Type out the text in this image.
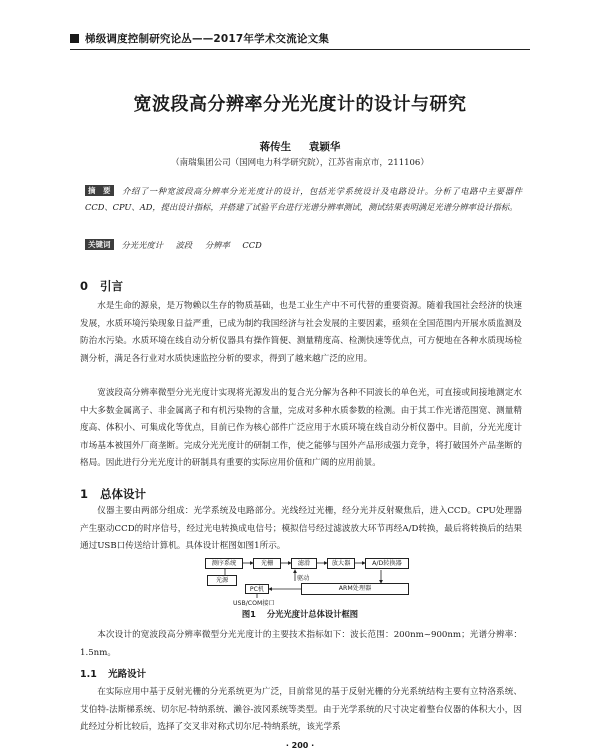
梯级调度控制研究论丛——2017年学术交流论文集
宽波段高分辨率分光光度计的设计与研究
蒋传生 袁颖华
（南瑞集团公司（国网电力科学研究院），江苏省南京市，211106）
摘　要 介绍了一种宽波段高分辨率分光光度计的设计，包括光学系统设计及电路设计。分析了电路中主要器件CCD、CPU、AD，提出设计指标，并搭建了试验平台进行光谱分辨率测试，测试结果表明满足光谱分辨率设计指标。
关键词 分光光度计 波段 分辨率 CCD
0 引言
水是生命的源泉，是万物赖以生存的物质基础，也是工业生产中不可代替的重要资源。随着我国社会经济的快速发展，水质环境污染现象日益严重，已成为制约我国经济与社会发展的主要因素，亟须在全国范围内开展水质监测及防治水污染。水质环境在线自动分析仪器具有操作简便、测量精度高、检测快速等优点，可方便地在各种水质现场检测分析，满足各行业对水质快速监控分析的要求，得到了越来越广泛的应用。
宽波段高分辨率微型分光光度计实现将光源发出的复合光分解为各种不同波长的单色光，可直接或间接地测定水中大多数金属离子、非金属离子和有机污染物的含量，完成对多种水质参数的检测。由于其工作光谱范围宽、测量精度高、体积小、可集成化等优点，目前已作为核心部件广泛应用于水质环境在线自动分析仪器中。目前，分光光度计市场基本被国外厂商垄断。完成分光光度计的研制工作，使之能够与国外产品形成强力竞争，将打破国外产品垄断的格局。因此进行分光光度计的研制具有重要的实际应用价值和广阔的应用前景。
1 总体设计
仪器主要由两部分组成：光学系统及电路部分。光线经过光栅，经分光并反射聚焦后，进入CCD。CPU处理器产生驱动CCD的时序信号，经过光电转换成电信号；模拟信号经过滤波放大环节再经A/D转换，最后将转换后的结果通过USB口传送给计算机。具体设计框图如图1所示。
测序系统	光栅	滤滑	放大器	A/D转换器
光源	驱动
PC机	ARM处理器
USB/COM接口
图1 分光光度计总体设计框图
本次设计的宽波段高分辨率微型分光光度计的主要技术指标如下：波长范围：200nm~900nm；光谱分辨率：1.5nm。
1.1 光路设计
在实际应用中基于反射光栅的分光系统更为广泛，目前常见的基于反射光栅的分光系统结构主要有立特洛系统、艾伯特-法斯梯系统、切尔尼-特纳系统、濑谷-波冈系统等类型。由于光学系统的尺寸决定着整台仪器的体积大小，因此经过分析比较后，选择了交叉非对称式切尔尼-特纳系统，该光学系
· 200 ·
